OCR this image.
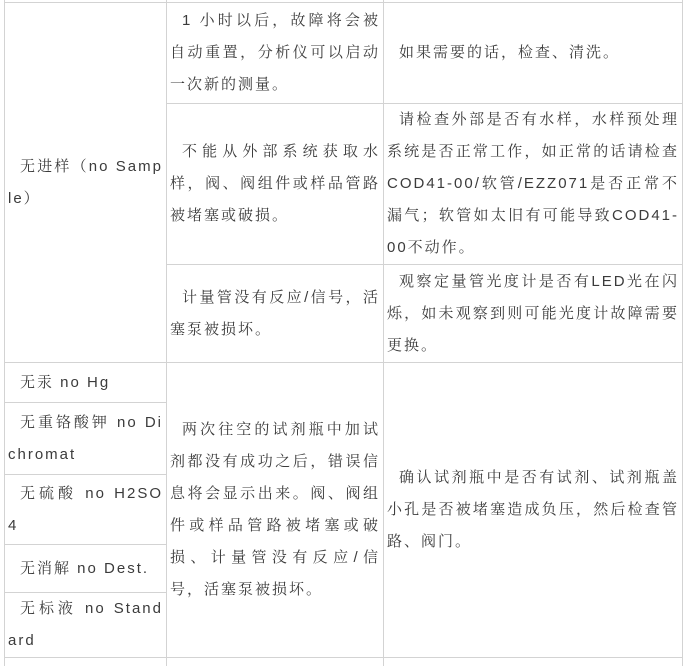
无进样（no Sample）	1 小时以后，故障将会被自动重置，分析仪可以启动一次新的测量。	如果需要的话，检查、清洗。

	不能从外部系统获取水样，阀、阀组件或样品管路被堵塞或破损。	请检查外部是否有水样，水样预处理系统是否正常工作，如正常的话请检查COD41-00/软管/EZZ071是否正常不漏气；软管如太旧有可能导致COD41-00不动作。

	计量管没有反应/信号，活塞泵被损坏。	观察定量管光度计是否有LED光在闪烁，如未观察到则可能光度计故障需要更换。

无汞 no Hg	两次往空的试剂瓶中加试剂都没有成功之后，错误信息将会显示出来。阀、阀组件或样品管路被堵塞或破损、计量管没有反应/信号，活塞泵被损坏。	确认试剂瓶中是否有试剂、试剂瓶盖小孔是否被堵塞造成负压，然后检查管路、阀门。

无重铬酸钾 no Dichromat		

无硫酸 no H2SO4		

无消解 no Dest.		

无标液 no Standard		
